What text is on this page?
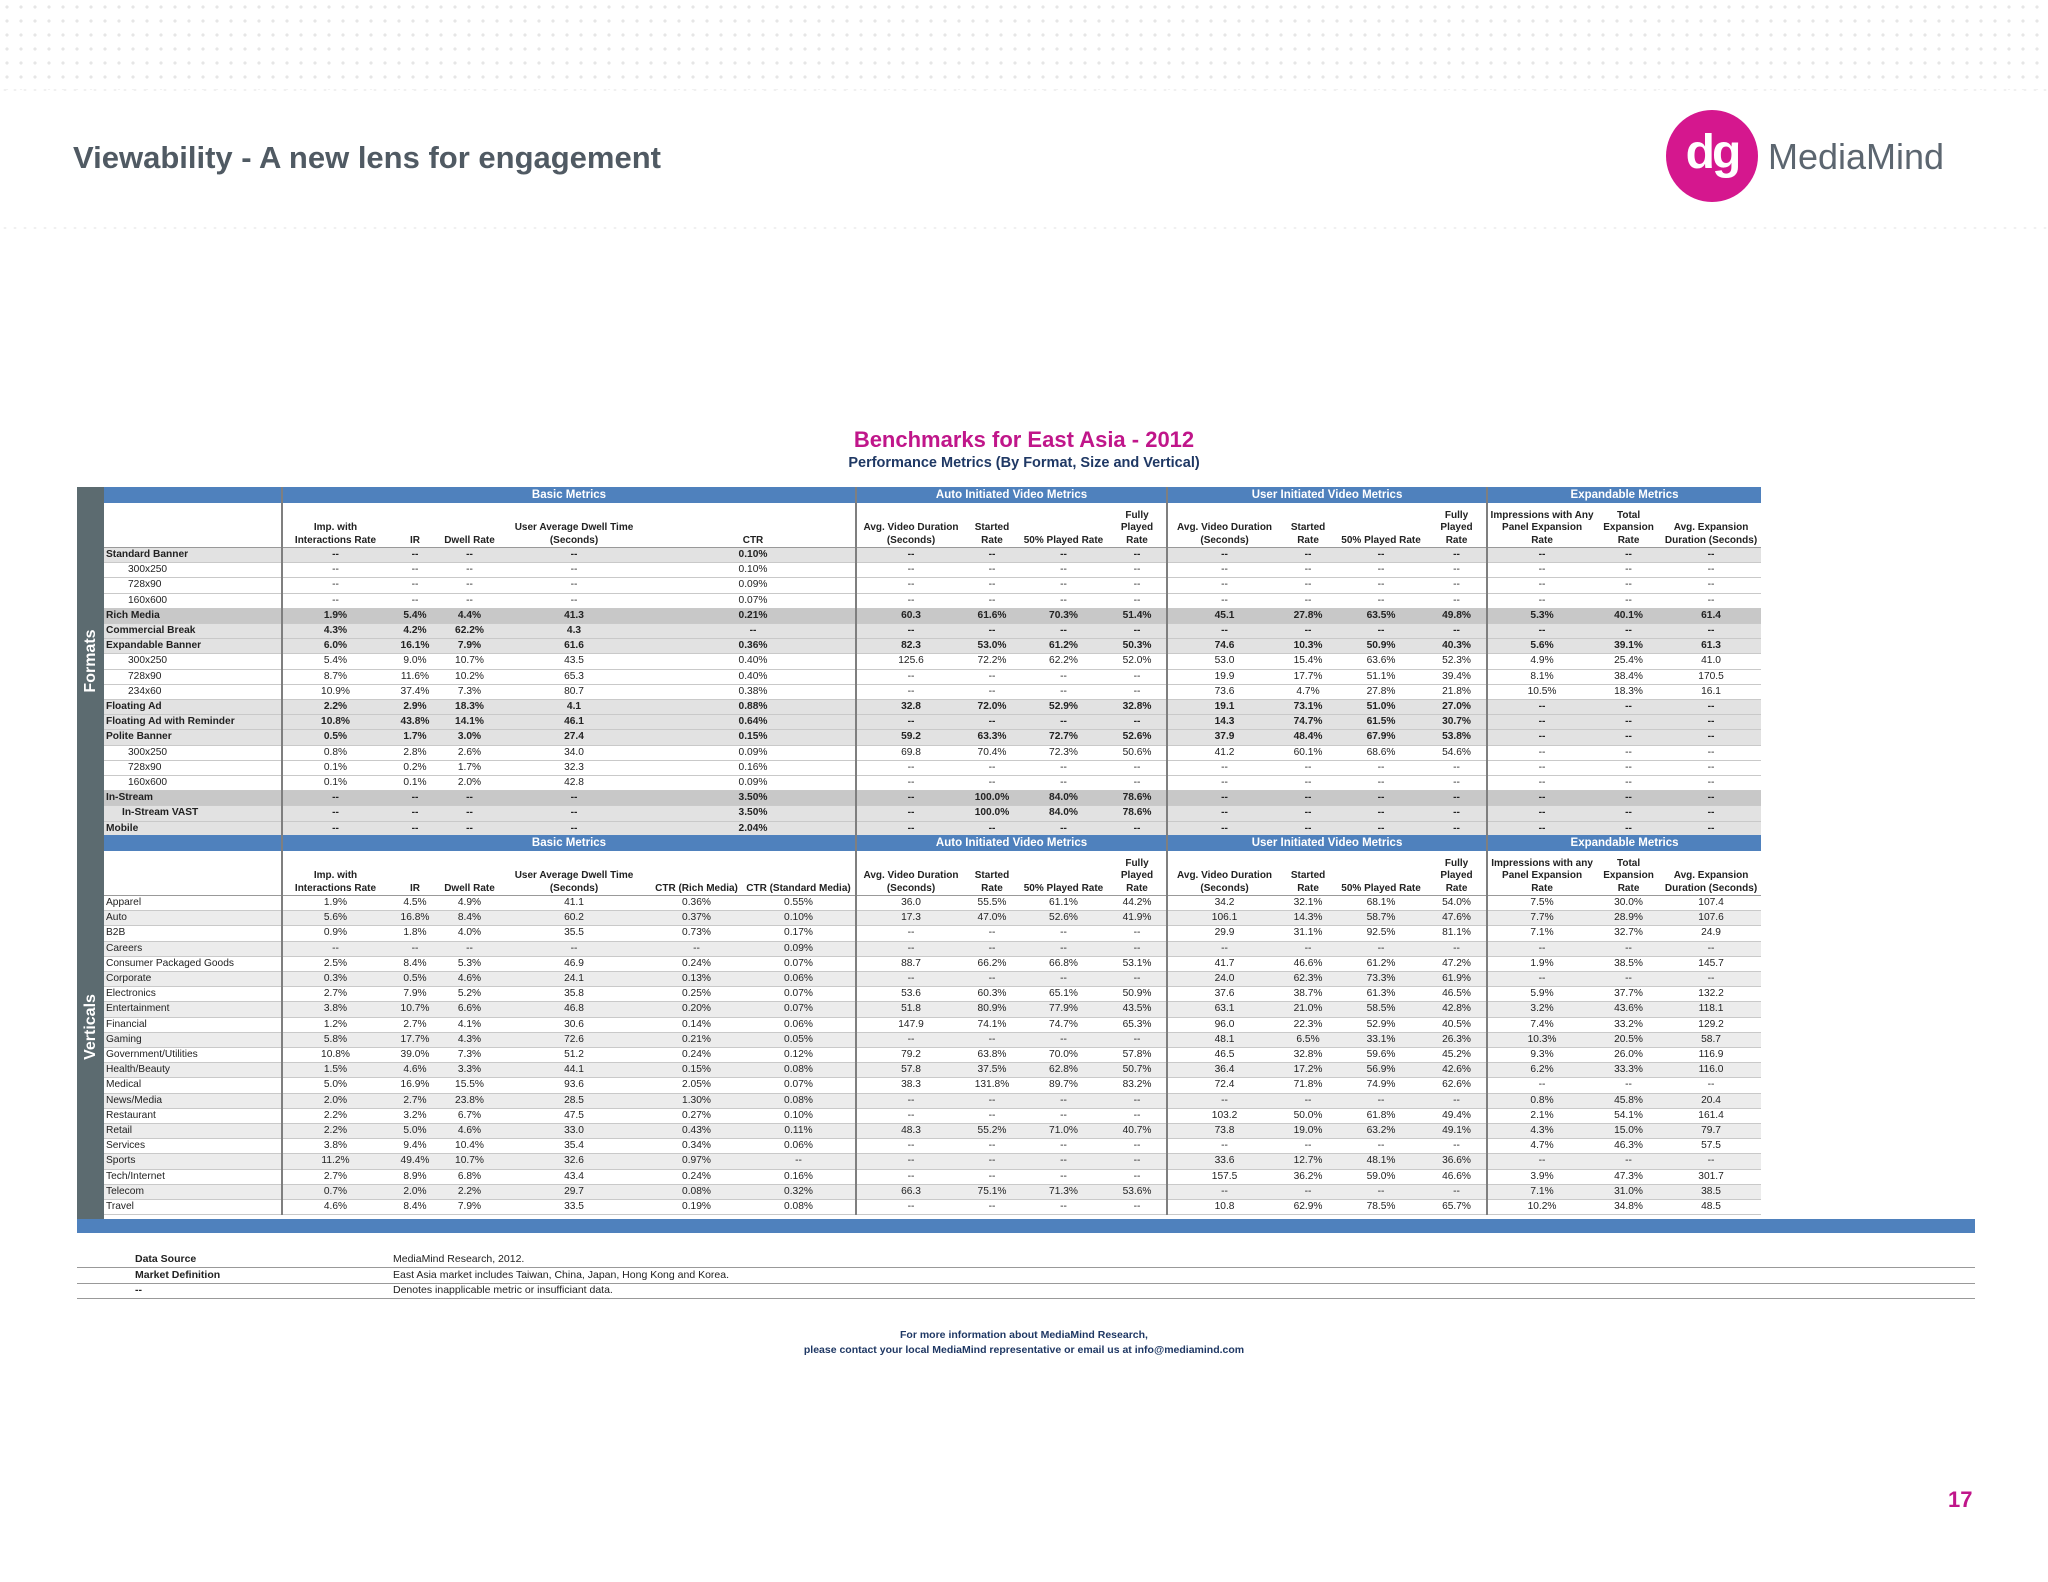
Viewability - A new lens for engagement	dg MediaMind
Benchmarks for East Asia - 2012
Performance Metrics (By Format, Size and Vertical)
Formats
Verticals
	Basic Metrics					Auto Initiated Video Metrics				User Initiated Video Metrics				Expandable Metrics		
	Imp. with Interactions Rate	IR	Dwell Rate	User Average Dwell Time (Seconds)	CTR	Avg. Video Duration (Seconds)	Started Rate	50% Played Rate	Fully Played Rate	Avg. Video Duration (Seconds)	Started Rate	50% Played Rate	Fully Played Rate	Impressions with Any Panel Expansion Rate	Total Expansion Rate	Avg. Expansion Duration (Seconds)
Standard Banner	--	--	--	--	0.10%	--	--	--	--	--	--	--	--	--	--	--
300x250	--	--	--	--	0.10%	--	--	--	--	--	--	--	--	--	--	--
728x90	--	--	--	--	0.09%	--	--	--	--	--	--	--	--	--	--	--
160x600	--	--	--	--	0.07%	--	--	--	--	--	--	--	--	--	--	--
Rich Media	1.9%	5.4%	4.4%	41.3	0.21%	60.3	61.6%	70.3%	51.4%	45.1	27.8%	63.5%	49.8%	5.3%	40.1%	61.4
Commercial Break	4.3%	4.2%	62.2%	4.3	--	--	--	--	--	--	--	--	--	--	--	--
Expandable Banner	6.0%	16.1%	7.9%	61.6	0.36%	82.3	53.0%	61.2%	50.3%	74.6	10.3%	50.9%	40.3%	5.6%	39.1%	61.3
300x250	5.4%	9.0%	10.7%	43.5	0.40%	125.6	72.2%	62.2%	52.0%	53.0	15.4%	63.6%	52.3%	4.9%	25.4%	41.0
728x90	8.7%	11.6%	10.2%	65.3	0.40%	--	--	--	--	19.9	17.7%	51.1%	39.4%	8.1%	38.4%	170.5
234x60	10.9%	37.4%	7.3%	80.7	0.38%	--	--	--	--	73.6	4.7%	27.8%	21.8%	10.5%	18.3%	16.1
Floating Ad	2.2%	2.9%	18.3%	4.1	0.88%	32.8	72.0%	52.9%	32.8%	19.1	73.1%	51.0%	27.0%	--	--	--
Floating Ad with Reminder	10.8%	43.8%	14.1%	46.1	0.64%	--	--	--	--	14.3	74.7%	61.5%	30.7%	--	--	--
Polite Banner	0.5%	1.7%	3.0%	27.4	0.15%	59.2	63.3%	72.7%	52.6%	37.9	48.4%	67.9%	53.8%	--	--	--
300x250	0.8%	2.8%	2.6%	34.0	0.09%	69.8	70.4%	72.3%	50.6%	41.2	60.1%	68.6%	54.6%	--	--	--
728x90	0.1%	0.2%	1.7%	32.3	0.16%	--	--	--	--	--	--	--	--	--	--	--
160x600	0.1%	0.1%	2.0%	42.8	0.09%	--	--	--	--	--	--	--	--	--	--	--
In-Stream	--	--	--	--	3.50%	--	100.0%	84.0%	78.6%	--	--	--	--	--	--	--
In-Stream VAST	--	--	--	--	3.50%	--	100.0%	84.0%	78.6%	--	--	--	--	--	--	--
Mobile	--	--	--	--	2.04%	--	--	--	--	--	--	--	--	--	--	--
	Basic Metrics						Auto Initiated Video Metrics				User Initiated Video Metrics				Expandable Metrics		
	Imp. with Interactions Rate	IR	Dwell Rate	User Average Dwell Time (Seconds)	CTR (Rich Media)	CTR (Standard Media)	Avg. Video Duration (Seconds)	Started Rate	50% Played Rate	Fully Played Rate	Avg. Video Duration (Seconds)	Started Rate	50% Played Rate	Fully Played Rate	Impressions with any Panel Expansion Rate	Total Expansion Rate	Avg. Expansion Duration (Seconds)
Apparel	1.9%	4.5%	4.9%	41.1	0.36%	0.55%	36.0	55.5%	61.1%	44.2%	34.2	32.1%	68.1%	54.0%	7.5%	30.0%	107.4
Auto	5.6%	16.8%	8.4%	60.2	0.37%	0.10%	17.3	47.0%	52.6%	41.9%	106.1	14.3%	58.7%	47.6%	7.7%	28.9%	107.6
B2B	0.9%	1.8%	4.0%	35.5	0.73%	0.17%	--	--	--	--	29.9	31.1%	92.5%	81.1%	7.1%	32.7%	24.9
Careers	--	--	--	--	--	0.09%	--	--	--	--	--	--	--	--	--	--	--
Consumer Packaged Goods	2.5%	8.4%	5.3%	46.9	0.24%	0.07%	88.7	66.2%	66.8%	53.1%	41.7	46.6%	61.2%	47.2%	1.9%	38.5%	145.7
Corporate	0.3%	0.5%	4.6%	24.1	0.13%	0.06%	--	--	--	--	24.0	62.3%	73.3%	61.9%	--	--	--
Electronics	2.7%	7.9%	5.2%	35.8	0.25%	0.07%	53.6	60.3%	65.1%	50.9%	37.6	38.7%	61.3%	46.5%	5.9%	37.7%	132.2
Entertainment	3.8%	10.7%	6.6%	46.8	0.20%	0.07%	51.8	80.9%	77.9%	43.5%	63.1	21.0%	58.5%	42.8%	3.2%	43.6%	118.1
Financial	1.2%	2.7%	4.1%	30.6	0.14%	0.06%	147.9	74.1%	74.7%	65.3%	96.0	22.3%	52.9%	40.5%	7.4%	33.2%	129.2
Gaming	5.8%	17.7%	4.3%	72.6	0.21%	0.05%	--	--	--	--	48.1	6.5%	33.1%	26.3%	10.3%	20.5%	58.7
Government/Utilities	10.8%	39.0%	7.3%	51.2	0.24%	0.12%	79.2	63.8%	70.0%	57.8%	46.5	32.8%	59.6%	45.2%	9.3%	26.0%	116.9
Health/Beauty	1.5%	4.6%	3.3%	44.1	0.15%	0.08%	57.8	37.5%	62.8%	50.7%	36.4	17.2%	56.9%	42.6%	6.2%	33.3%	116.0
Medical	5.0%	16.9%	15.5%	93.6	2.05%	0.07%	38.3	131.8%	89.7%	83.2%	72.4	71.8%	74.9%	62.6%	--	--	--
News/Media	2.0%	2.7%	23.8%	28.5	1.30%	0.08%	--	--	--	--	--	--	--	--	0.8%	45.8%	20.4
Restaurant	2.2%	3.2%	6.7%	47.5	0.27%	0.10%	--	--	--	--	103.2	50.0%	61.8%	49.4%	2.1%	54.1%	161.4
Retail	2.2%	5.0%	4.6%	33.0	0.43%	0.11%	48.3	55.2%	71.0%	40.7%	73.8	19.0%	63.2%	49.1%	4.3%	15.0%	79.7
Services	3.8%	9.4%	10.4%	35.4	0.34%	0.06%	--	--	--	--	--	--	--	--	4.7%	46.3%	57.5
Sports	11.2%	49.4%	10.7%	32.6	0.97%	--	--	--	--	--	33.6	12.7%	48.1%	36.6%	--	--	--
Tech/Internet	2.7%	8.9%	6.8%	43.4	0.24%	0.16%	--	--	--	--	157.5	36.2%	59.0%	46.6%	3.9%	47.3%	301.7
Telecom	0.7%	2.0%	2.2%	29.7	0.08%	0.32%	66.3	75.1%	71.3%	53.6%	--	--	--	--	7.1%	31.0%	38.5
Travel	4.6%	8.4%	7.9%	33.5	0.19%	0.08%	--	--	--	--	10.8	62.9%	78.5%	65.7%	10.2%	34.8%	48.5
Data Source	MediaMind Research, 2012.
Market Definition	East Asia market includes Taiwan, China, Japan, Hong Kong and Korea.
--	Denotes inapplicable metric or insufficiant data.
For more information about MediaMind Research,
please contact your local MediaMind representative or email us at info@mediamind.com
17
